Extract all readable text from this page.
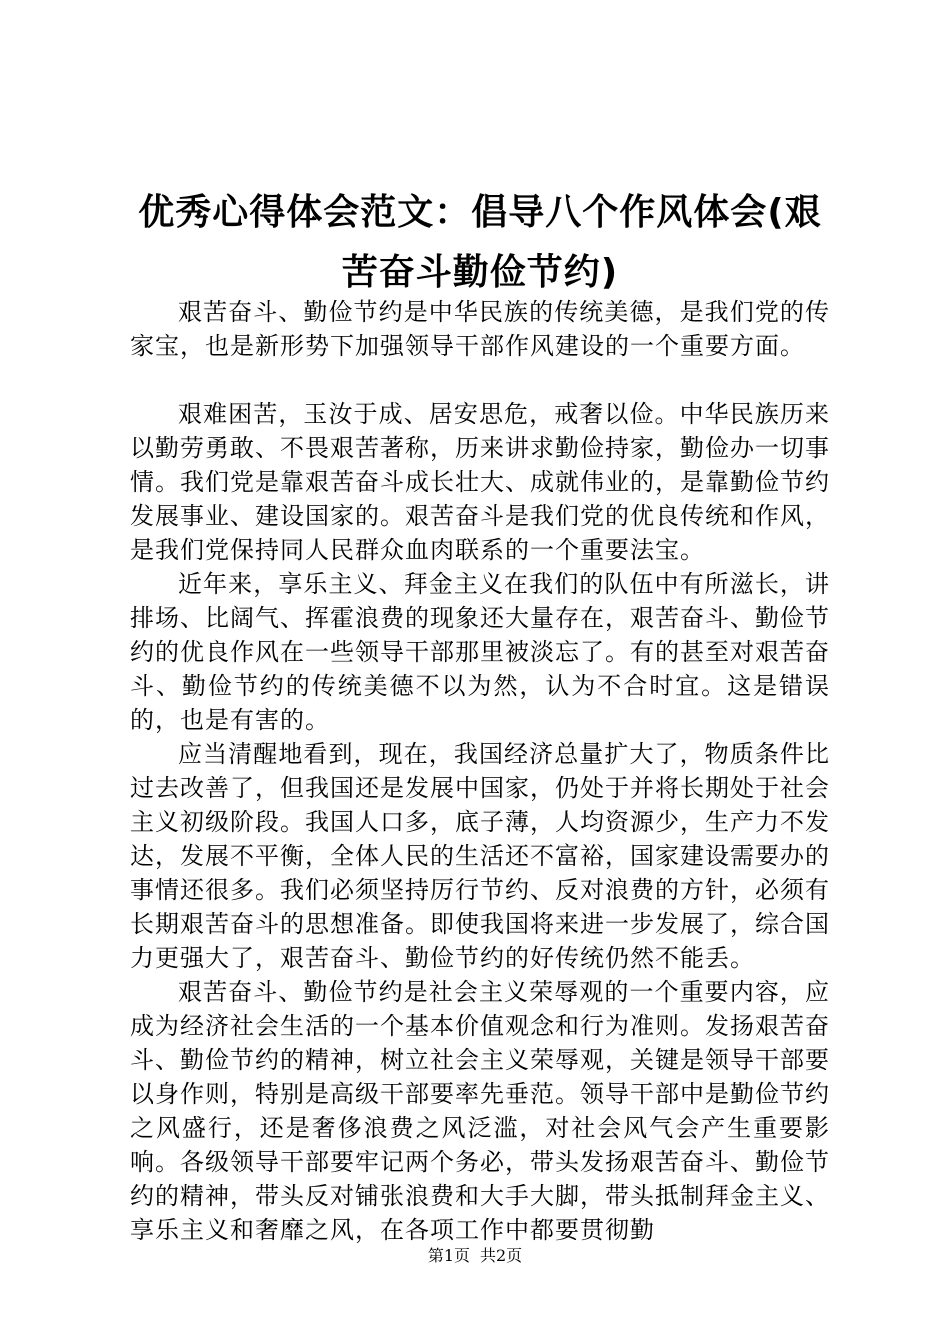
优秀心得体会范文：倡导八个作风体会(艰苦奋斗勤俭节约)

艰苦奋斗、勤俭节约是中华民族的传统美德，是我们党的传家宝，也是新形势下加强领导干部作风建设的一个重要方面。

艰难困苦，玉汝于成、居安思危，戒奢以俭。中华民族历来以勤劳勇敢、不畏艰苦著称，历来讲求勤俭持家，勤俭办一切事情。我们党是靠艰苦奋斗成长壮大、成就伟业的，是靠勤俭节约发展事业、建设国家的。艰苦奋斗是我们党的优良传统和作风，是我们党保持同人民群众血肉联系的一个重要法宝。

近年来，享乐主义、拜金主义在我们的队伍中有所滋长，讲排场、比阔气、挥霍浪费的现象还大量存在，艰苦奋斗、勤俭节约的优良作风在一些领导干部那里被淡忘了。有的甚至对艰苦奋斗、勤俭节约的传统美德不以为然，认为不合时宜。这是错误的，也是有害的。

应当清醒地看到，现在，我国经济总量扩大了，物质条件比过去改善了，但我国还是发展中国家，仍处于并将长期处于社会主义初级阶段。我国人口多，底子薄，人均资源少，生产力不发达，发展不平衡，全体人民的生活还不富裕，国家建设需要办的事情还很多。我们必须坚持厉行节约、反对浪费的方针，必须有长期艰苦奋斗的思想准备。即使我国将来进一步发展了，综合国力更强大了，艰苦奋斗、勤俭节约的好传统仍然不能丢。

艰苦奋斗、勤俭节约是社会主义荣辱观的一个重要内容，应成为经济社会生活的一个基本价值观念和行为准则。发扬艰苦奋斗、勤俭节约的精神，树立社会主义荣辱观，关键是领导干部要以身作则，特别是高级干部要率先垂范。领导干部中是勤俭节约之风盛行，还是奢侈浪费之风泛滥，对社会风气会产生重要影响。各级领导干部要牢记两个务必，带头发扬艰苦奋斗、勤俭节约的精神，带头反对铺张浪费和大手大脚，带头抵制拜金主义、享乐主义和奢靡之风，在各项工作中都要贯彻勤

第1页 共2页
